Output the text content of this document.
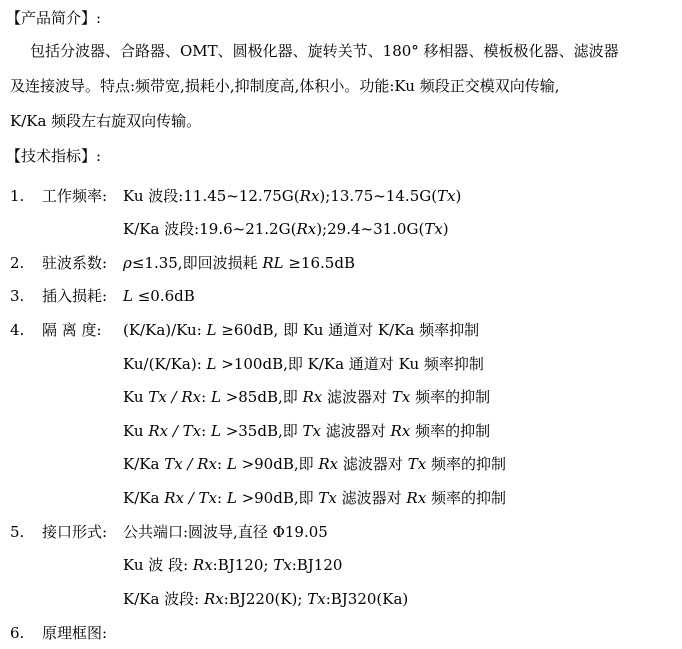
【产品简介】:
包括分波器、合路器、OMT、圆极化器、旋转关节、180° 移相器、模板极化器、滤波器
及连接波导。特点:频带宽,损耗小,抑制度高,体积小。功能:Ku 频段正交模双向传输,
K/Ka 频段左右旋双向传输。
【技术指标】:
1. 工作频率: Ku 波段:11.45~12.75G(Rx);13.75~14.5G(Tx)
K/Ka 波段:19.6~21.2G(Rx);29.4~31.0G(Tx)
2. 驻波系数: ρ≤1.35,即回波损耗 RL ≥16.5dB
3. 插入损耗: L ≤0.6dB
4. 隔 离 度: (K/Ka)/Ku: L ≥60dB, 即 Ku 通道对 K/Ka 频率抑制
Ku/(K/Ka): L >100dB,即 K/Ka 通道对 Ku 频率抑制
Ku Tx / Rx: L >85dB,即 Rx 滤波器对 Tx 频率的抑制
Ku Rx / Tx: L >35dB,即 Tx 滤波器对 Rx 频率的抑制
K/Ka Tx / Rx: L >90dB,即 Rx 滤波器对 Tx 频率的抑制
K/Ka Rx / Tx: L >90dB,即 Tx 滤波器对 Rx 频率的抑制
5. 接口形式: 公共端口:圆波导,直径 Φ19.05
Ku 波 段: Rx:BJ120; Tx:BJ120
K/Ka 波段: Rx:BJ220(K); Tx:BJ320(Ka)
6. 原理框图:
